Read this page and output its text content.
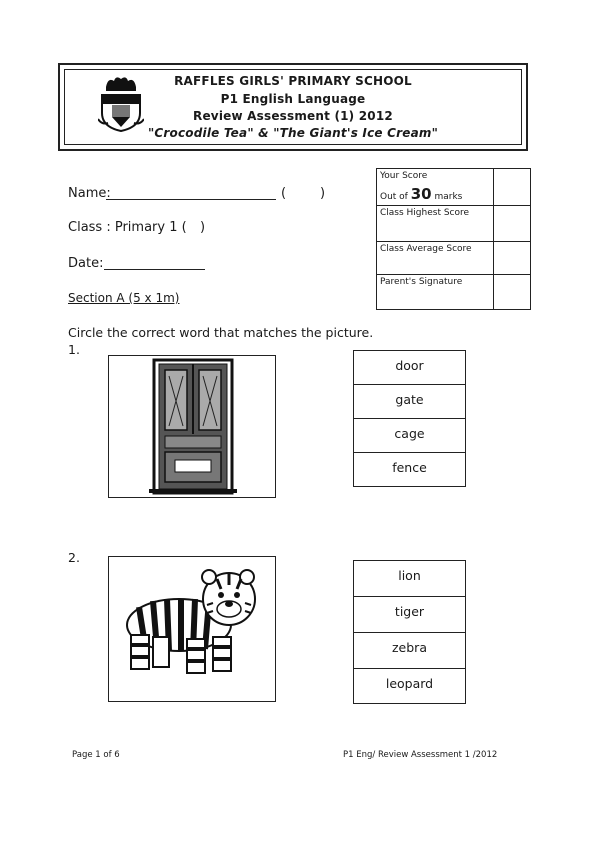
RAFFLES GIRLS' PRIMARY SCHOOL
P1 English Language
Review Assessment (1) 2012
"Crocodile Tea" & "The Giant's Ice Cream"
Name:	(	)
Class : Primary 1 ( )
Date:
Your Score
Out of 30 marks	

Class Highest Score	
Class Average Score	
Parent's Signature	
Section A (5 x 1m)
Circle the correct word that matches the picture.
1.
door
gate
cage
fence
2.
lion
tiger
zebra
leopard
Page 1 of 6	P1 Eng/ Review Assessment 1 /2012
